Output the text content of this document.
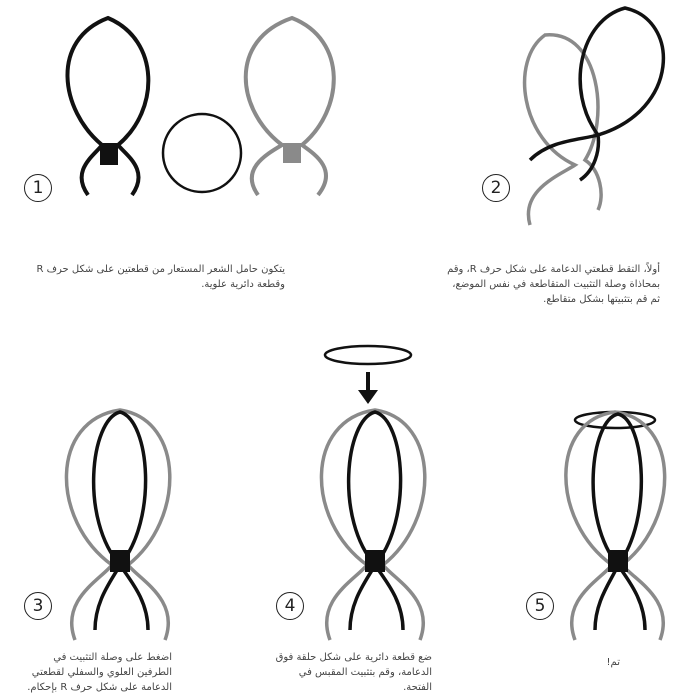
1	2
3	4	5
يتكون حامل الشعر المستعار من قطعتين على شكل حرف R
وقطعة دائرية علوية.
أولاً، التقط قطعتي الدعامة على شكل حرف R، وقم
بمحاذاة وصلة التثبيت المتقاطعة في نفس الموضع،
ثم قم بتثبيتها بشكل متقاطع.
اضغط على وصلة التثبيت في
الطرفين العلوي والسفلي لقطعتي
الدعامة على شكل حرف R بإحكام.
ضع قطعة دائرية على شكل حلقة فوق
الدعامة، وقم بتثبيت المقبس في
الفتحة.
تم!
